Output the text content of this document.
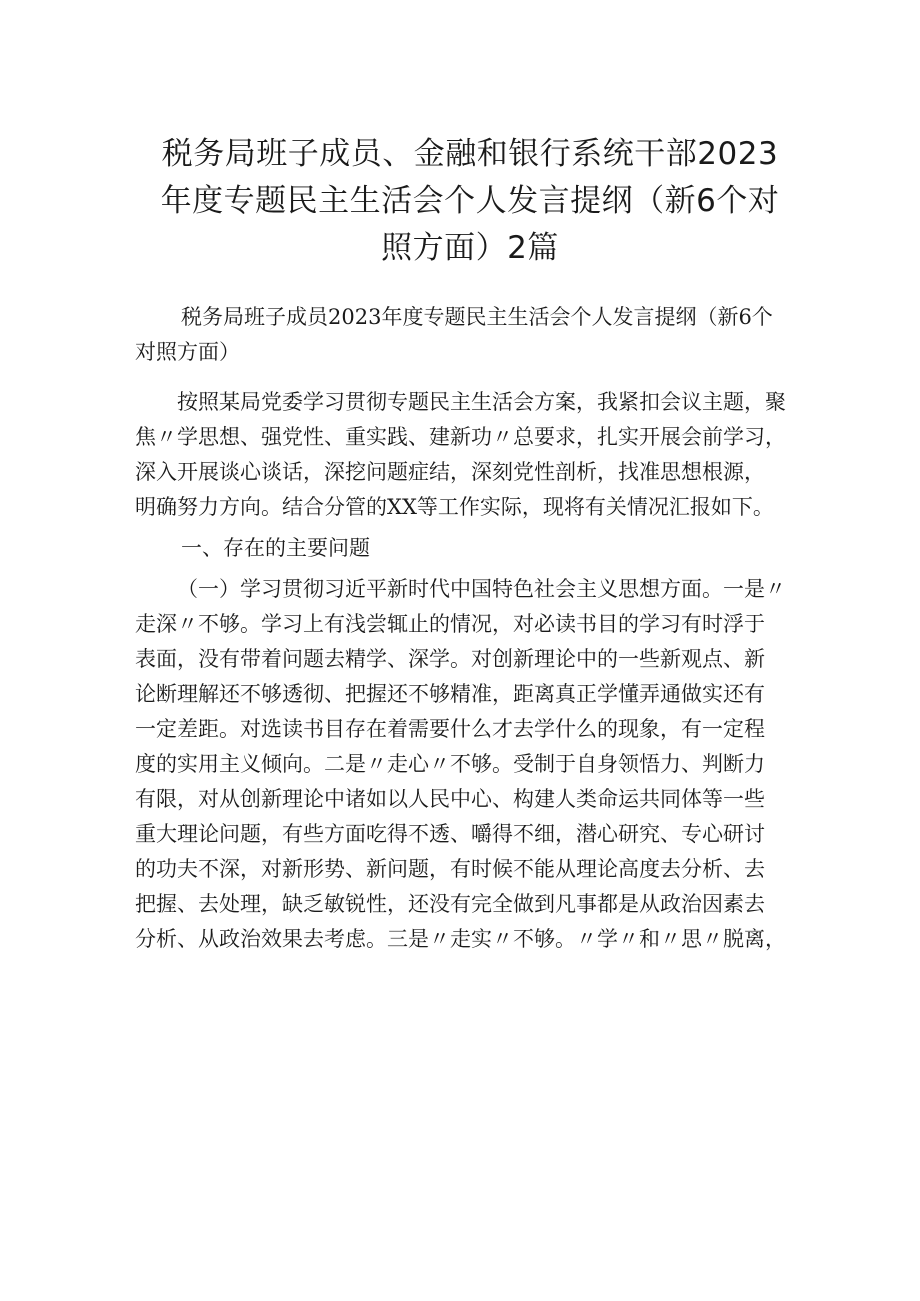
税务局班子成员、金融和银行系统干部2023
年度专题民主生活会个人发言提纲（新6个对
照方面）2篇

税务局班子成员2023年度专题民主生活会个人发言提纲（新6个
对照方面）

按照某局党委学习贯彻专题民主生活会方案，我紧扣会议主题，聚
焦〃学思想、强党性、重实践、建新功〃总要求，扎实开展会前学习，
深入开展谈心谈话，深挖问题症结，深刻党性剖析，找准思想根源，
明确努力方向。结合分管的XX等工作实际，现将有关情况汇报如下。

一、存在的主要问题

（一）学习贯彻习近平新时代中国特色社会主义思想方面。一是〃
走深〃不够。学习上有浅尝辄止的情况，对必读书目的学习有时浮于
表面，没有带着问题去精学、深学。对创新理论中的一些新观点、新
论断理解还不够透彻、把握还不够精准，距离真正学懂弄通做实还有
一定差距。对选读书目存在着需要什么才去学什么的现象，有一定程
度的实用主义倾向。二是〃走心〃不够。受制于自身领悟力、判断力
有限，对从创新理论中诸如以人民中心、构建人类命运共同体等一些
重大理论问题，有些方面吃得不透、嚼得不细，潜心研究、专心研讨
的功夫不深，对新形势、新问题，有时候不能从理论高度去分析、去
把握、去处理，缺乏敏锐性，还没有完全做到凡事都是从政治因素去
分析、从政治效果去考虑。三是〃走实〃不够。〃学〃和〃思〃脱离，
